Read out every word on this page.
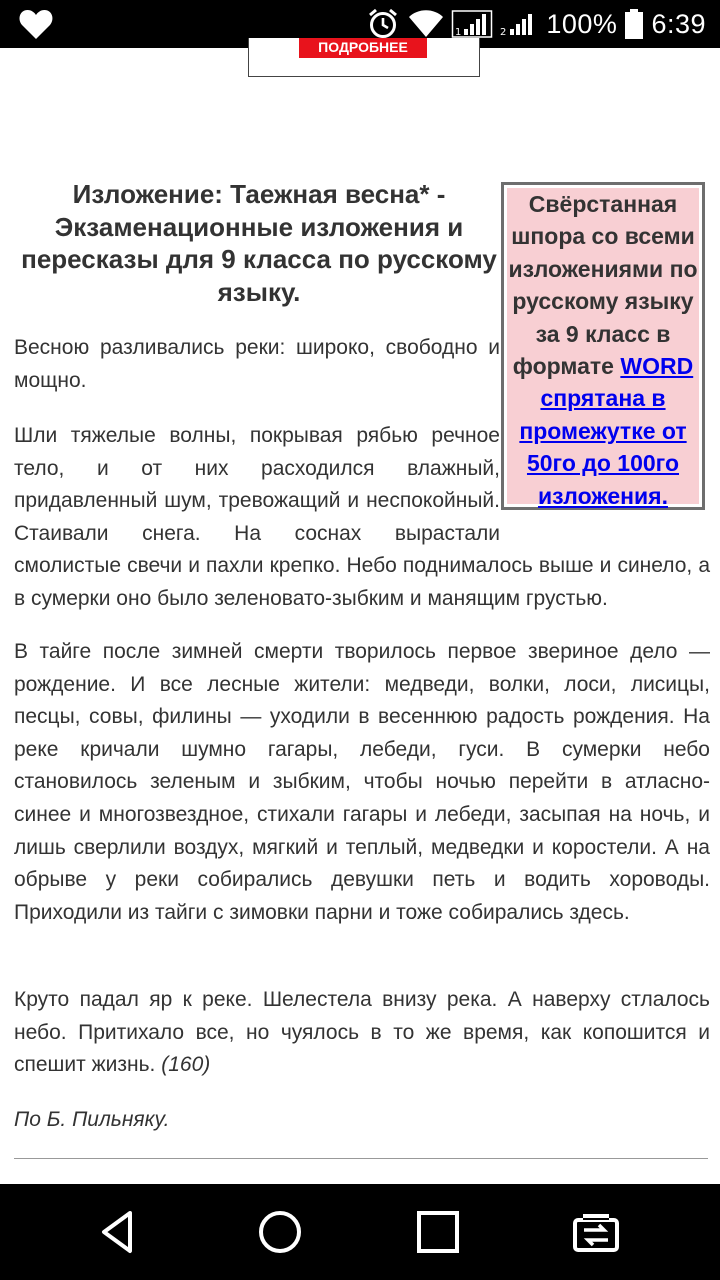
1	2 100% 6:39
ПОДРОБНЕЕ
Изложение: Таежная весна* - Экзаменационные изложения и пересказы для 9 класса по русскому языку.

Весною разливались реки: широко, свободно и мощно.

Шли тяжелые волны, покрывая рябью речное тело, и от них расходился влажный, придавленный шум, тревожащий и неспокойный. Стаивали снега. На соснах вырастали смолистые свечи и пахли крепко. Небо поднималось выше и синело, а в сумерки оно было зеленовато-зыбким и манящим грустью.

В тайге после зимней смерти творилось первое звериное дело — рождение. И все лесные жители: медведи, волки, лоси, лисицы, песцы, совы, филины — уходили в весеннюю радость рождения. На реке кричали шумно гагары, лебеди, гуси. В сумерки небо становилось зеленым и зыбким, чтобы ночью перейти в атласно-синее и многозвездное, стихали гагары и лебеди, засыпая на ночь, и лишь сверлили воздух, мягкий и теплый, медведки и коростели. А на обрыве у реки собирались девушки петь и водить хороводы. Приходили из тайги с зимовки парни и тоже собирались здесь.

Круто падал яр к реке. Шелестела внизу река. А наверху стлалось небо. Притихало все, но чуялось в то же время, как копошится и спешит жизнь. (160)

По Б. Пильняку.

Свёрстанная шпора со всеми изложениями по русскому языку за 9 класс в формате WORD спрятана в промежутке от 50го до 100го изложения.
